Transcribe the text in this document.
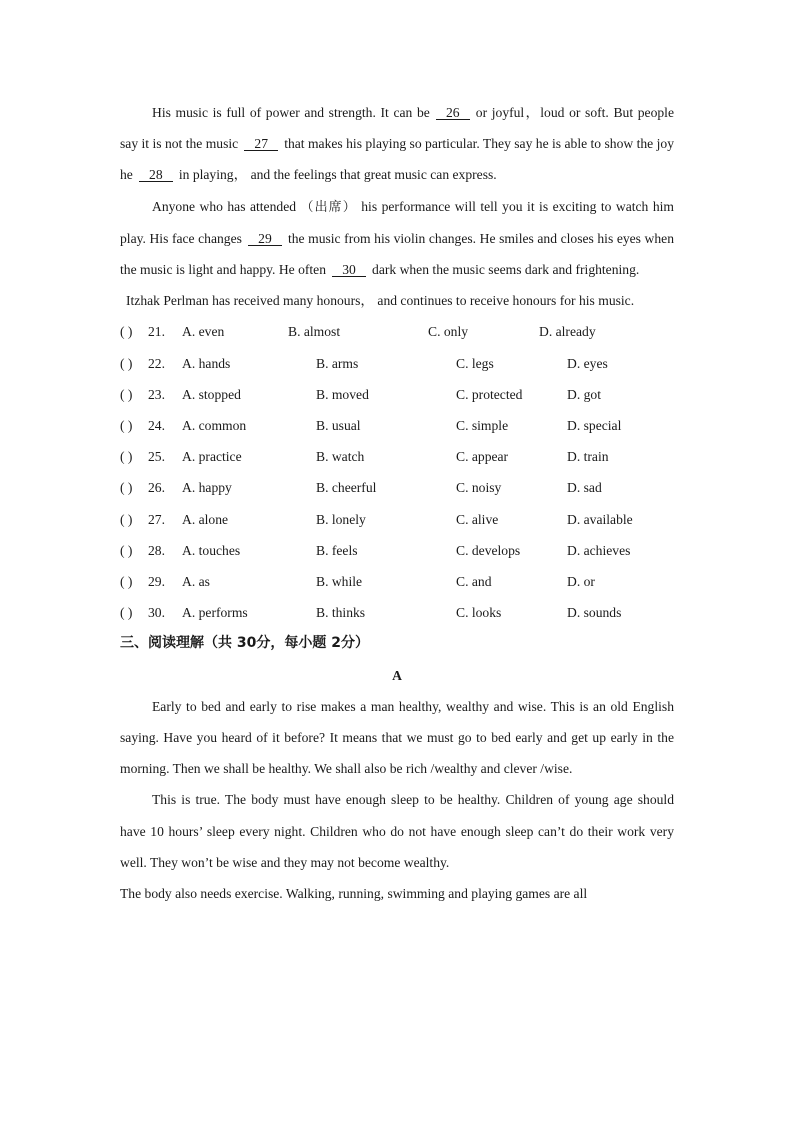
His music is full of power and strength. It can be 26 or joyful，loud or soft. But people say it is not the music 27 that makes his playing so particular. They say he is able to show the joy he 28 in playing， and the feelings that great music can express.

Anyone who has attended （出席） his performance will tell you it is exciting to watch him play. His face changes 29 the music from his violin changes. He smiles and closes his eyes when the music is light and happy. He often 30 dark when the music seems dark and frightening.

Itzhak Perlman has received many honours， and continues to receive honours for his music.

( ) 21. A. even	B. almost	C. only	D. already
( ) 22. A. hands	B. arms	C. legs	D. eyes
( ) 23. A. stopped	B. moved	C. protected	D. got
( ) 24. A. common	B. usual	C. simple	D. special
( ) 25. A. practice	B. watch	C. appear	D. train
( ) 26. A. happy	B. cheerful	C. noisy	D. sad
( ) 27. A. alone	B. lonely	C. alive	D. available
( ) 28. A. touches	B. feels	C. develops	D. achieves
( ) 29. A. as	B. while	C. and	D. or
( ) 30. A. performs	B. thinks	C. looks	D. sounds

三、阅读理解（共 30分，每小题 2分）

A

Early to bed and early to rise makes a man healthy, wealthy and wise. This is an old English saying. Have you heard of it before? It means that we must go to bed early and get up early in the morning. Then we shall be healthy. We shall also be rich /wealthy and clever /wise.

This is true. The body must have enough sleep to be healthy. Children of young age should have 10 hours’ sleep every night. Children who do not have enough sleep can’t do their work very well. They won’t be wise and they may not become wealthy.

The body also needs exercise. Walking, running, swimming and playing games are all
